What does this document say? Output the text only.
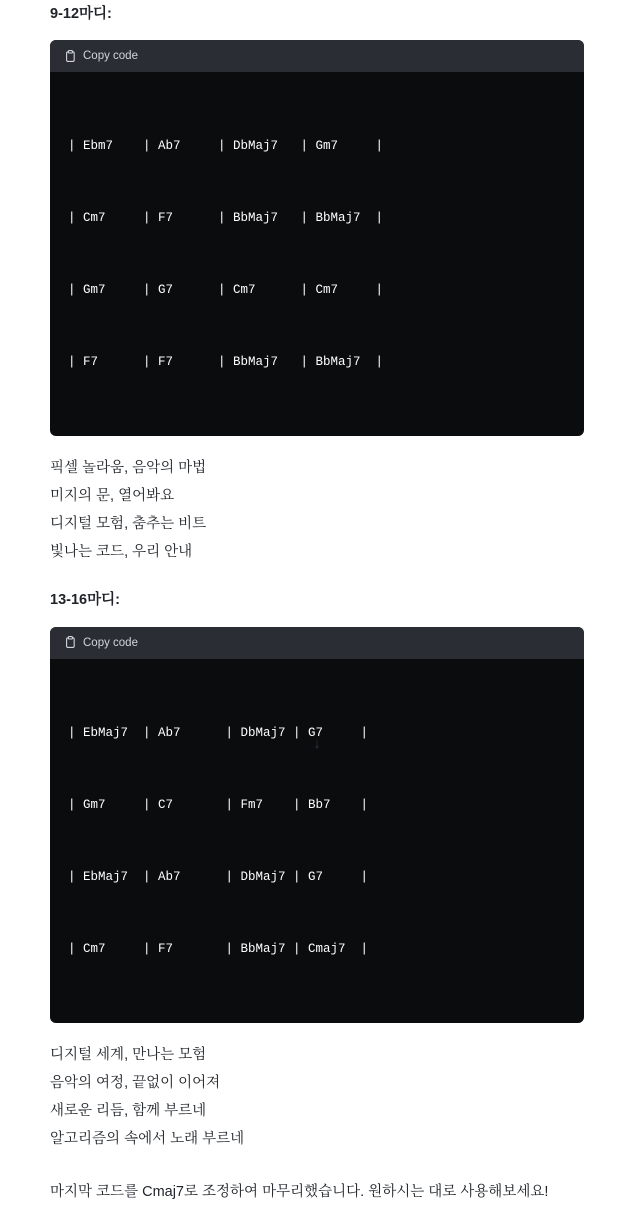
9-12마디:
Copy code

| Ebm7    | Ab7     | DbMaj7   | Gm7     |

| Cm7     | F7      | BbMaj7   | BbMaj7  |

| Gm7     | G7      | Cm7      | Cm7     |

| F7      | F7      | BbMaj7   | BbMaj7  |

픽셀 놀라움, 음악의 마법
미지의 문, 열어봐요
디지털 모험, 춤추는 비트
빛나는 코드, 우리 안내
13-16마디:
Copy code

| EbMaj7  | Ab7      | DbMaj7 | G7     |

| Gm7     | C7       | Fm7    | Bb7    |

| EbMaj7  | Ab7      | DbMaj7 | G7     |

| Cm7     | F7       | BbMaj7 | Cmaj7  |

디지털 세계, 만나는 모험
음악의 여정, 끝없이 이어져
새로운 리듬, 함께 부르네
알고리즘의 속에서 노래 부르네
마지막 코드를 Cmaj7로 조정하여 마무리했습니다. 원하시는 대로 사용해보세요!
↓
